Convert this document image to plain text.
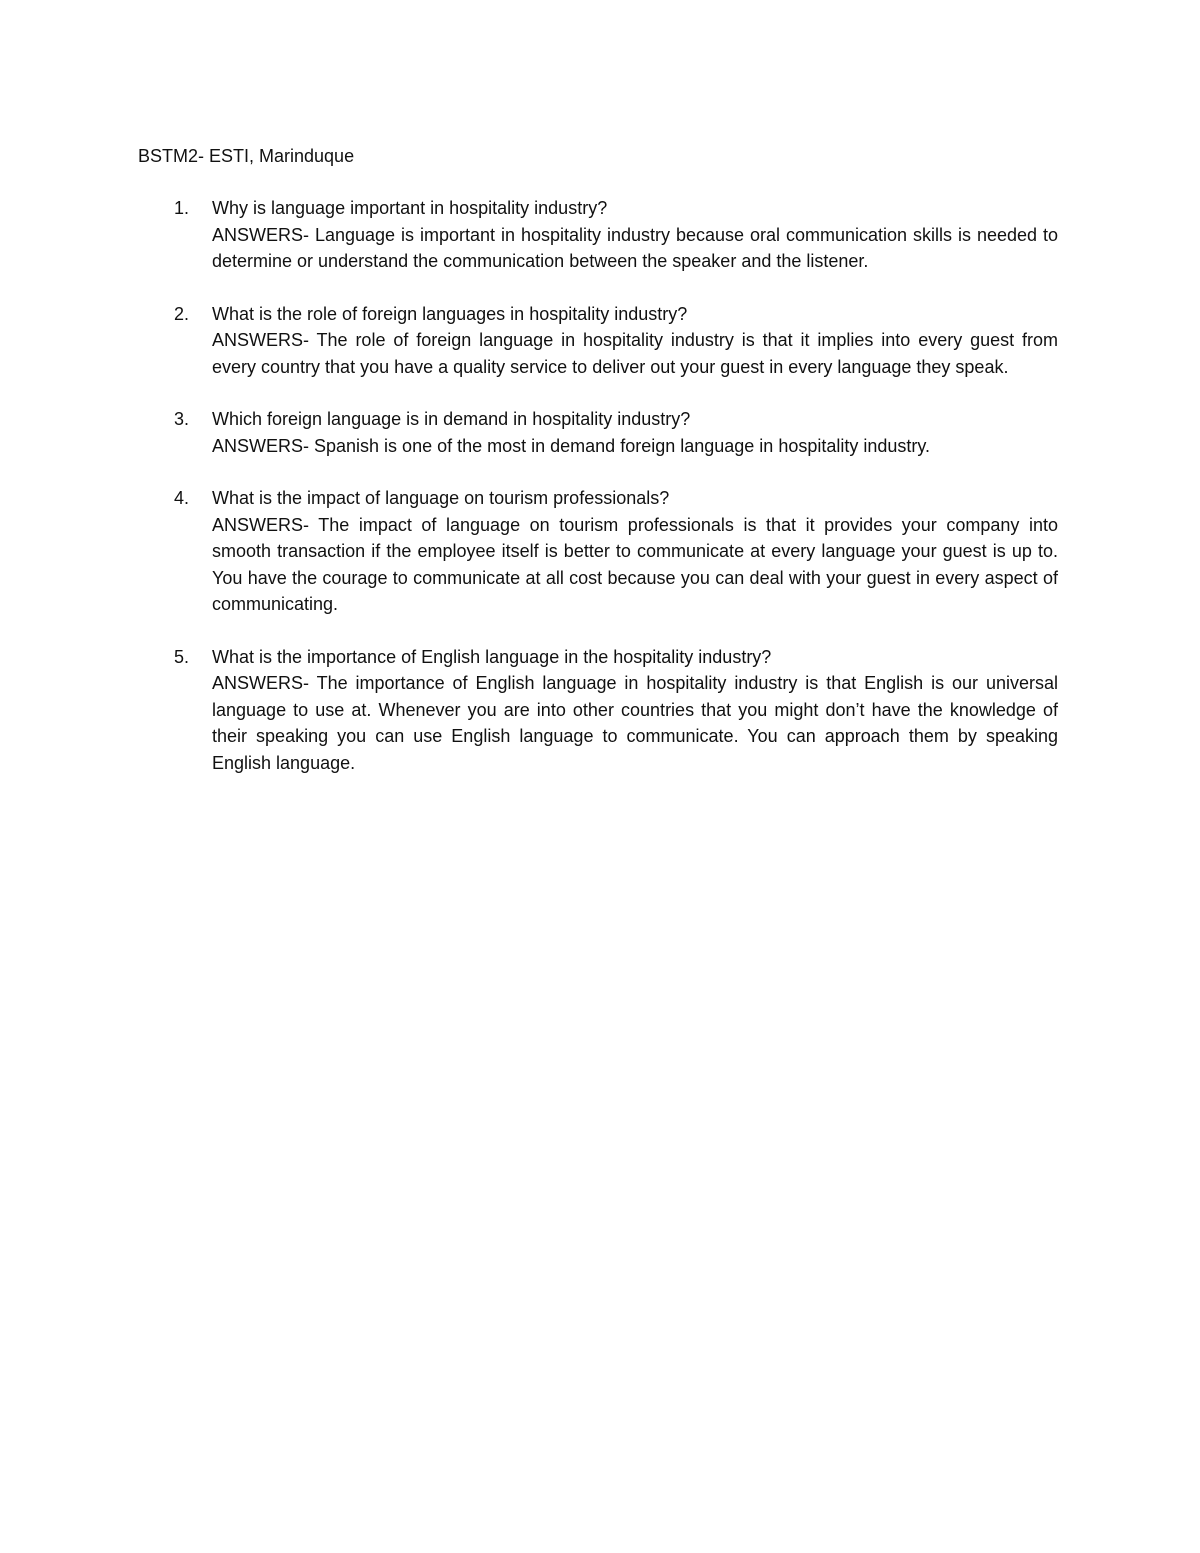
BSTM2- ESTI, Marinduque

1.	Why is language important in hospitality industry?
ANSWERS- Language is important in hospitality industry because oral communication skills is needed to determine or understand the communication between the speaker and the listener.
2.	What is the role of foreign languages in hospitality industry?
ANSWERS- The role of foreign language in hospitality industry is that it implies into every guest from every country that you have a quality service to deliver out your guest in every language they speak.
3.	Which foreign language is in demand in hospitality industry?
ANSWERS- Spanish is one of the most in demand foreign language in hospitality industry.
4.	What is the impact of language on tourism professionals?
ANSWERS- The impact of language on tourism professionals is that it provides your company into smooth transaction if the employee itself is better to communicate at every language your guest is up to. You have the courage to communicate at all cost because you can deal with your guest in every aspect of communicating.
5.	What is the importance of English language in the hospitality industry?
ANSWERS- The importance of English language in hospitality industry is that English is our universal language to use at. Whenever you are into other countries that you might don’t have the knowledge of their speaking you can use English language to communicate. You can approach them by speaking English language.
